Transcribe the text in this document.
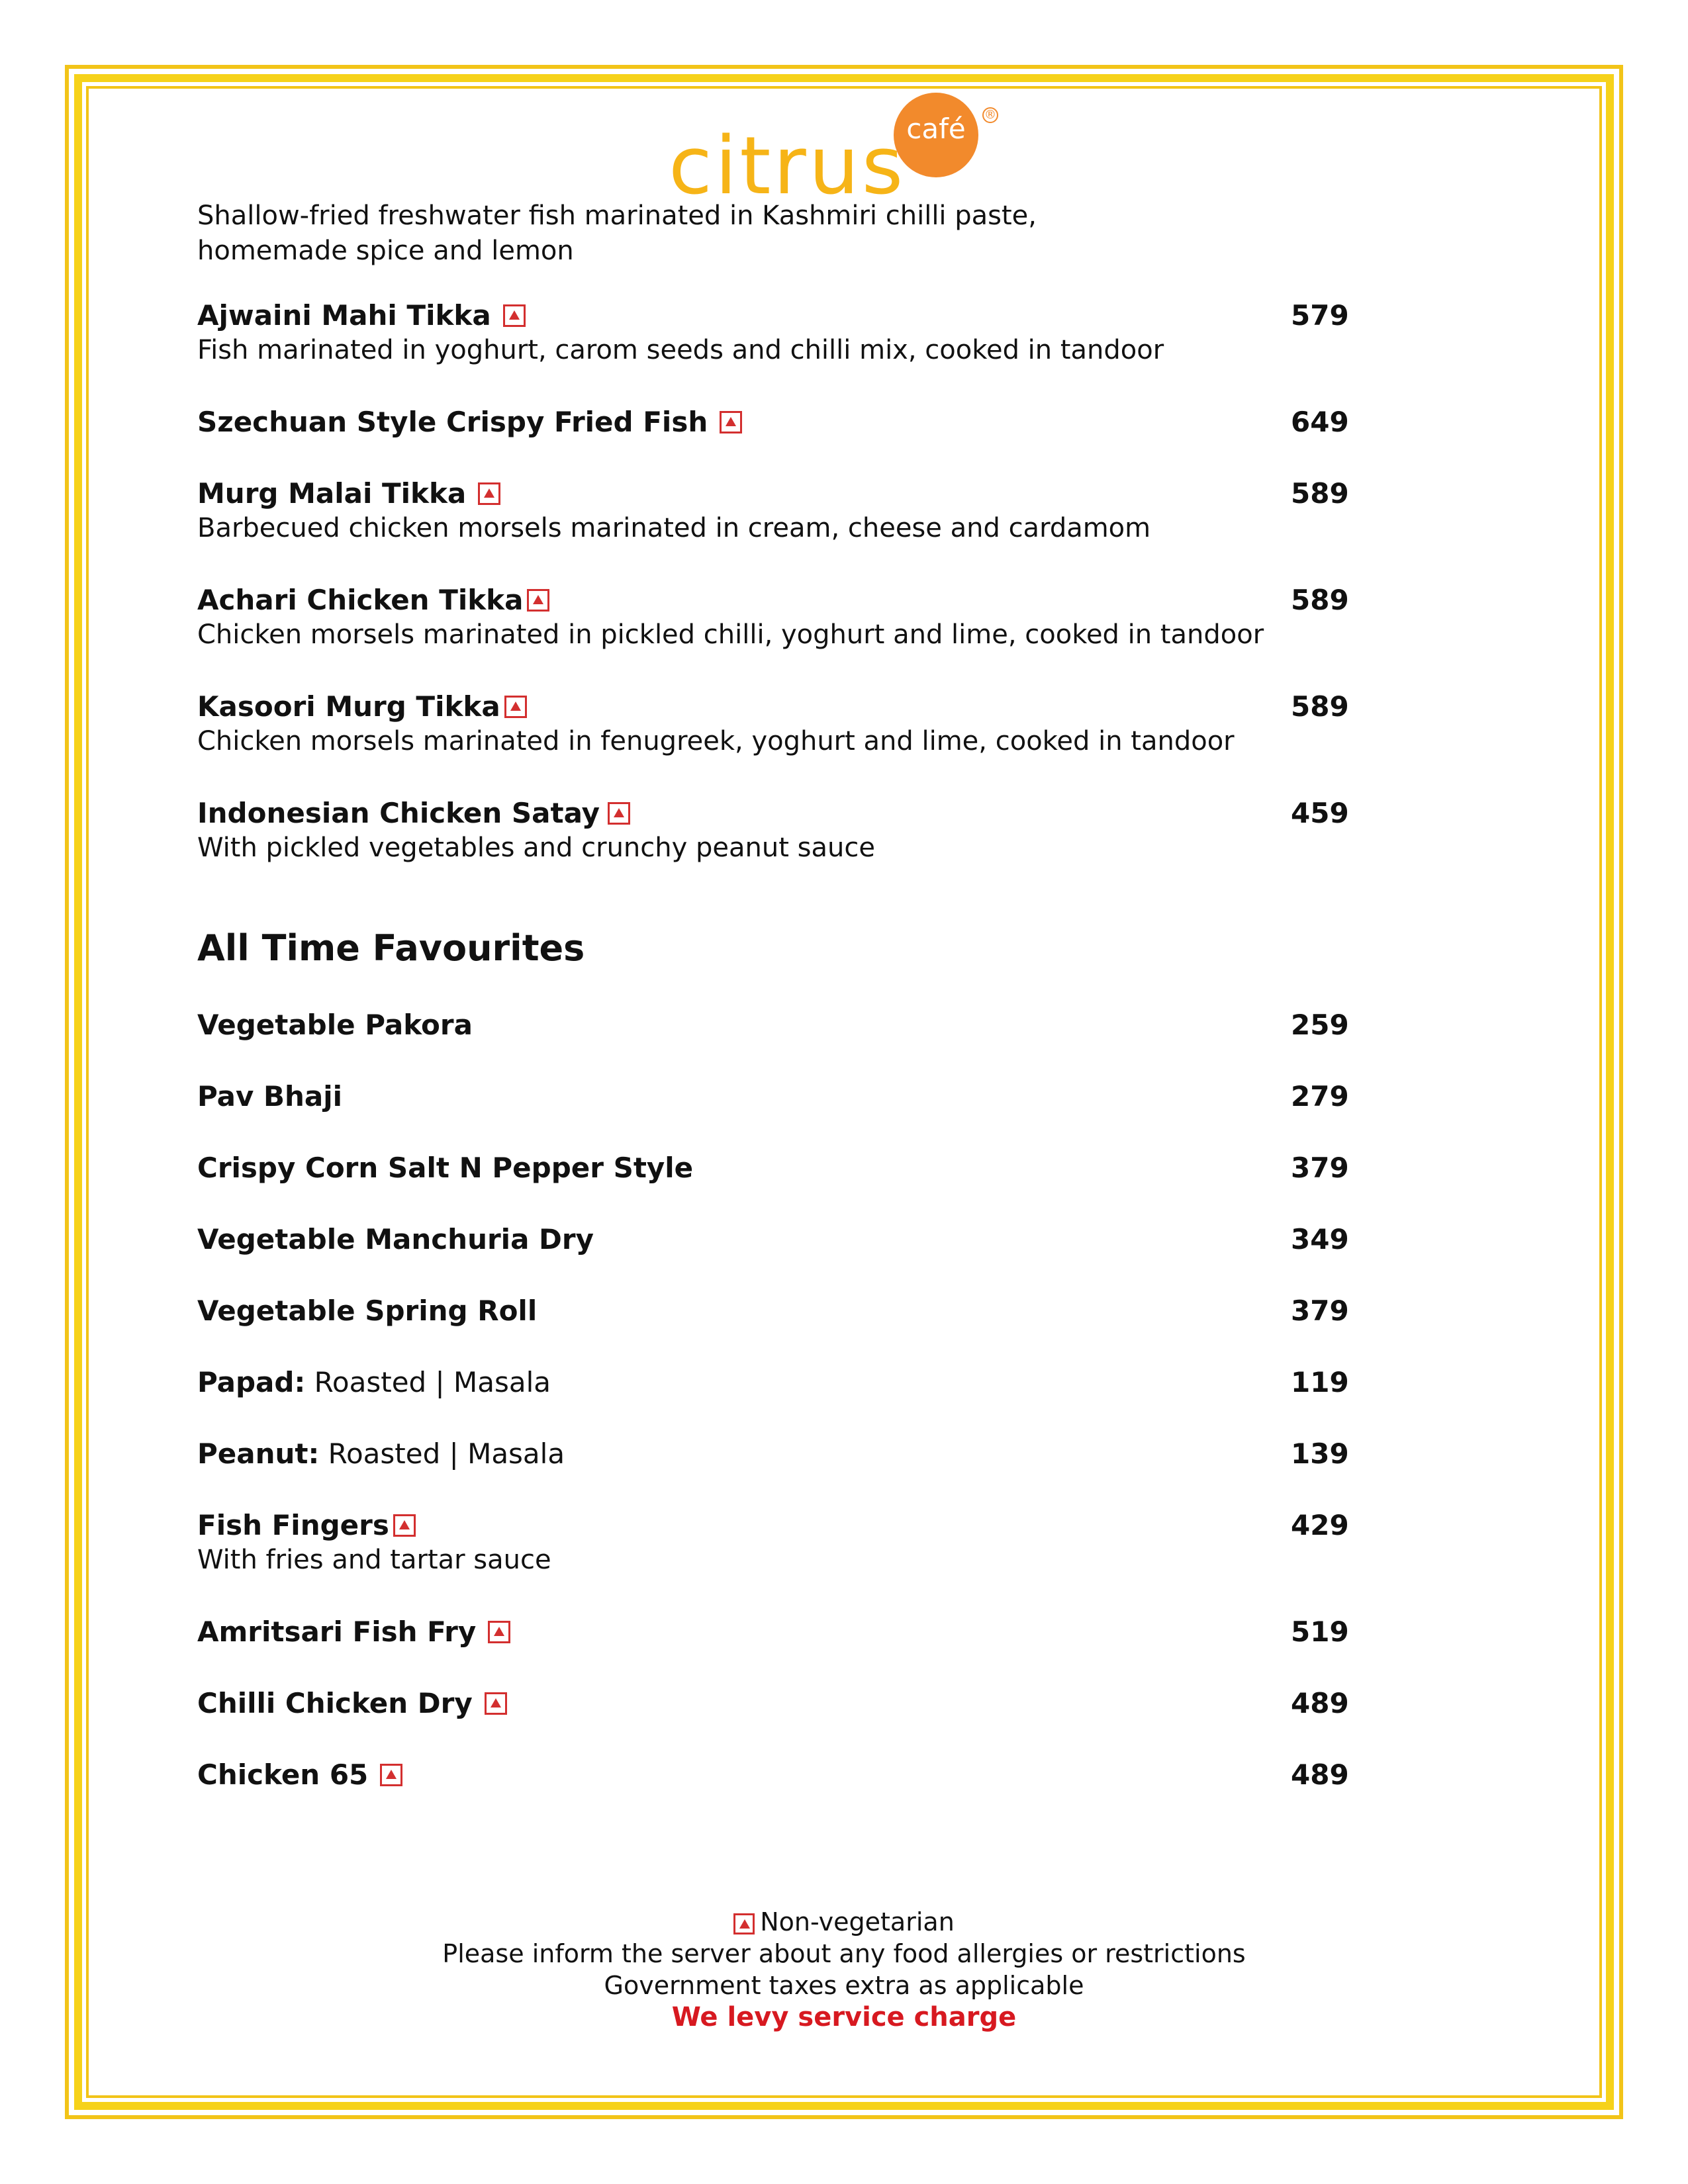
café	®
citrus
Shallow-fried freshwater fish marinated in Kashmiri chilli paste,
homemade spice and lemon
Ajwaini Mahi Tikka	579
Fish marinated in yoghurt, carom seeds and chilli mix, cooked in tandoor
Szechuan Style Crispy Fried Fish	649
Murg Malai Tikka	589
Barbecued chicken morsels marinated in cream, cheese and cardamom
Achari Chicken Tikka	589
Chicken morsels marinated in pickled chilli, yoghurt and lime, cooked in tandoor
Kasoori Murg Tikka	589
Chicken morsels marinated in fenugreek, yoghurt and lime, cooked in tandoor
Indonesian Chicken Satay	459
With pickled vegetables and crunchy peanut sauce
All Time Favourites
Vegetable Pakora	259
Pav Bhaji	279
Crispy Corn Salt N Pepper Style	379
Vegetable Manchuria Dry	349
Vegetable Spring Roll	379
Papad: Roasted | Masala	119
Peanut: Roasted | Masala	139
Fish Fingers	429
With fries and tartar sauce
Amritsari Fish Fry	519
Chilli Chicken Dry	489
Chicken 65	489
Non-vegetarian
Please inform the server about any food allergies or restrictions
Government taxes extra as applicable
We levy service charge
